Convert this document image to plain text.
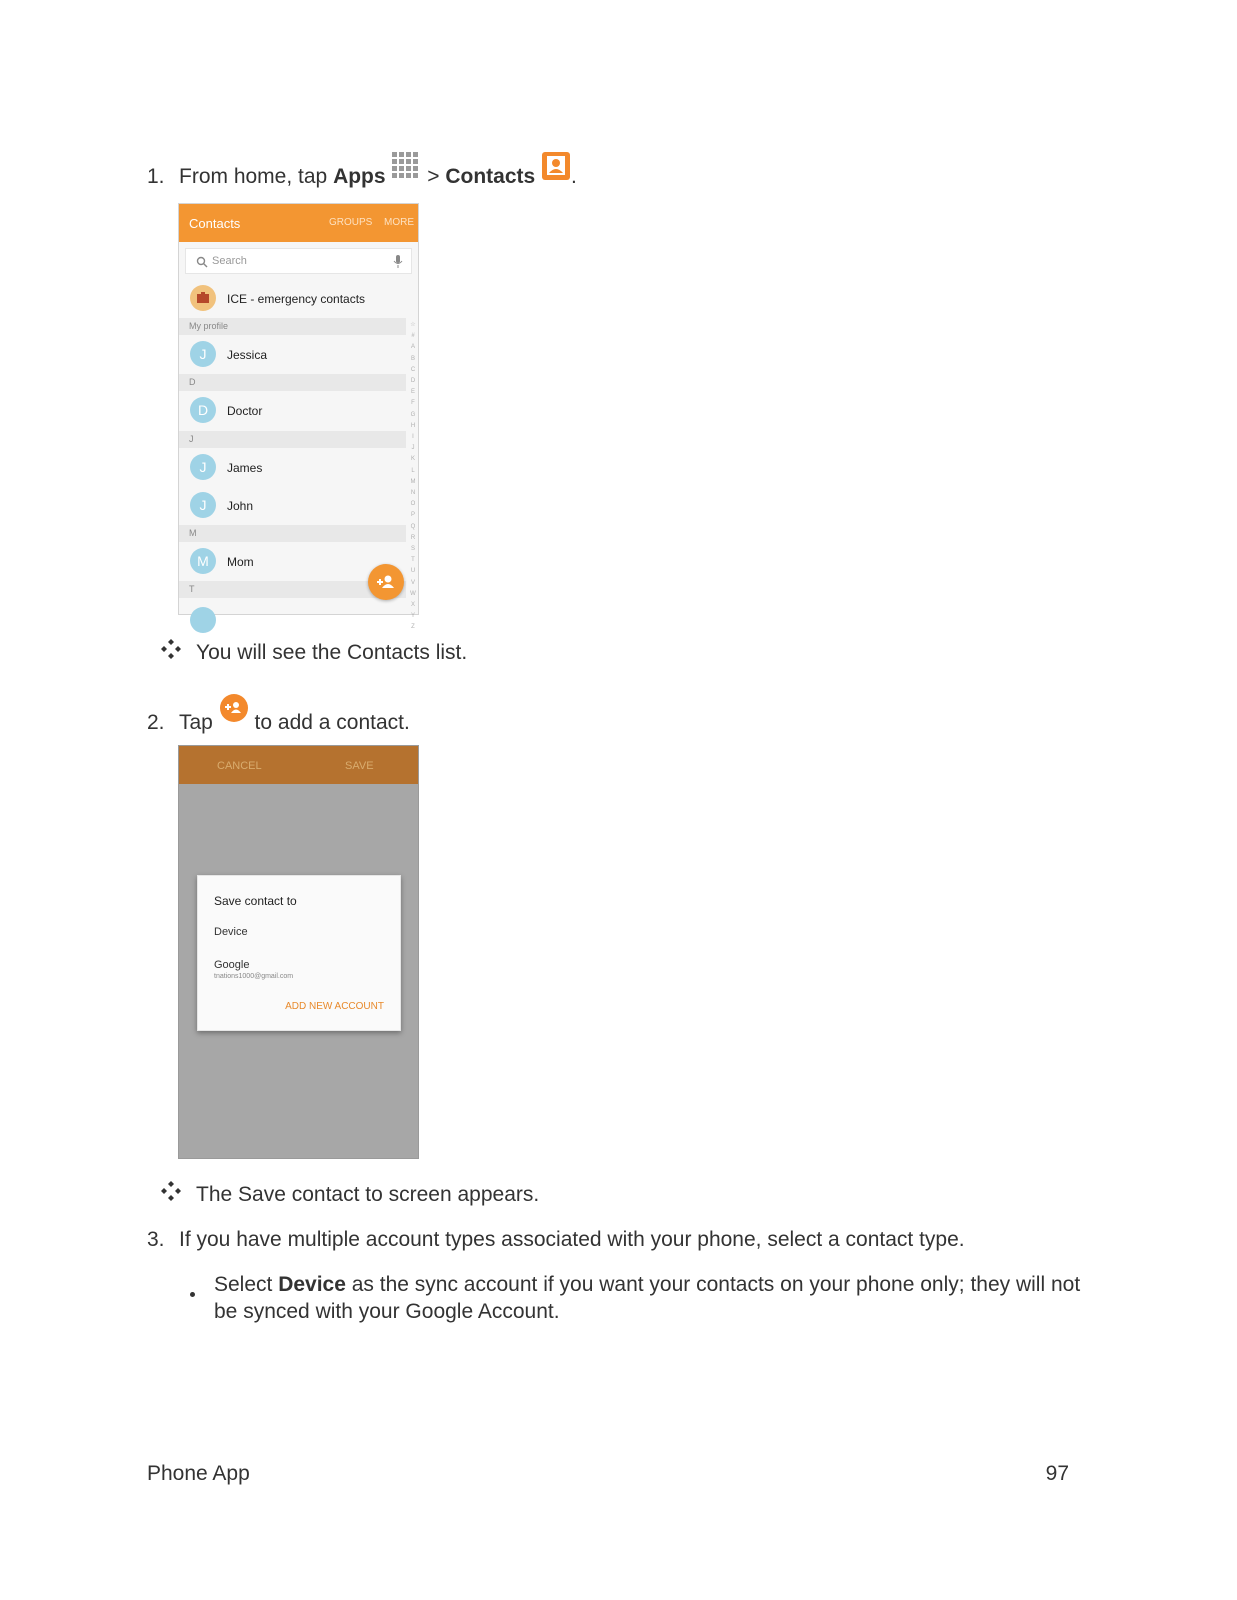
1. From home, tap Apps  > Contacts .
Contacts	GROUPS MORE
Search
ICE - emergency contacts
My profile
J	Jessica
D
D	Doctor
J
J	James
J	John
M
M	Mom
T
☆
#
A
B
C
D
E
F
G
H
I
J
K
L
M
N
O
P
Q
R
S
T
U
V
W
X
Y
Z
You will see the Contacts list.
2. Tap  to add a contact.
CANCEL	SAVE
Save contact to
Device
Google
tnations1000@gmail.com
ADD NEW ACCOUNT
The Save contact to screen appears.
3. If you have multiple account types associated with your phone, select a contact type.
Select Device as the sync account if you want your contacts on your phone only; they will not be synced with your Google Account.
Phone App	97
